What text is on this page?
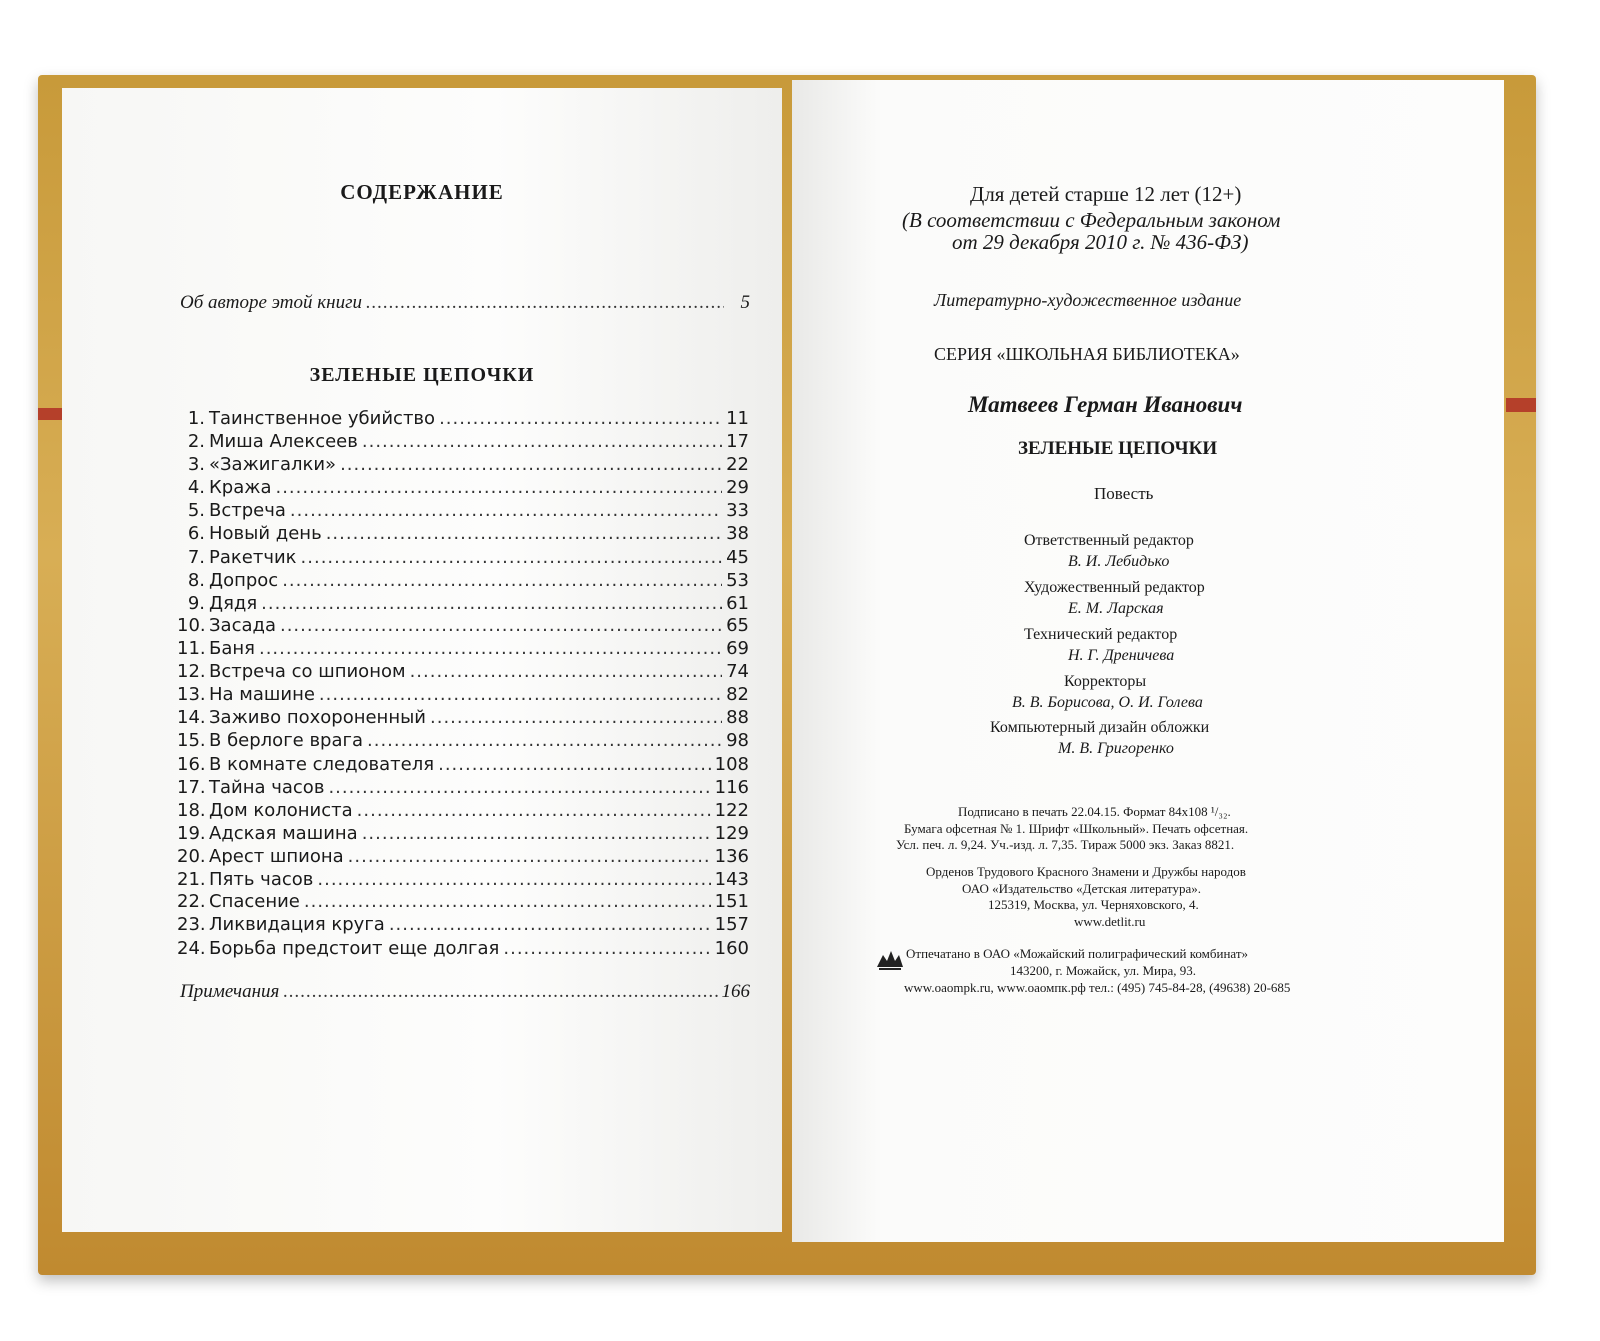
СОДЕРЖАНИЕ
Об авторе этой книги .....	5
ЗЕЛЕНЫЕ ЦЕПОЧКИ
1. Таинственное убийство .....	11
2. Миша Алексеев .....	17
3. «Зажигалки» .....	22
4. Кража .....	29
5. Встреча .....	33
6. Новый день .....	38
7. Ракетчик .....	45
8. Допрос .....	53
9. Дядя .....	61
10. Засада .....	65
11. Баня .....	69
12. Встреча со шпионом .....	74
13. На машине .....	82
14. Заживо похороненный .....	88
15. В берлоге врага .....	98
16. В комнате следователя .....	108
17. Тайна часов .....	116
18. Дом колониста .....	122
19. Адская машина .....	129
20. Арест шпиона .....	136
21. Пять часов .....	143
22. Спасение .....	151
23. Ликвидация круга .....	157
24. Борьба предстоит еще долгая .....	160
Примечания .....	166
Для детей старше 12 лет (12+)
(В соответствии с Федеральным законом
от 29 декабря 2010 г. № 436-ФЗ)
Литературно-художественное издание
СЕРИЯ «ШКОЛЬНАЯ БИБЛИОТЕКА»
Матвеев Герман Иванович
ЗЕЛЕНЫЕ ЦЕПОЧКИ
Повесть
Ответственный редактор
В. И. Лебидько
Художественный редактор
Е. М. Ларская
Технический редактор
Н. Г. Дреничева
Корректоры
В. В. Борисова, О. И. Голева
Компьютерный дизайн обложки
М. В. Григоренко
Подписано в печать 22.04.15. Формат 84х108 ¹/₃₂.
Бумага офсетная № 1. Шрифт «Школьный». Печать офсетная.
Усл. печ. л. 9,24. Уч.-изд. л. 7,35. Тираж 5000 экз. Заказ 8821.
Орденов Трудового Красного Знамени и Дружбы народов
ОАО «Издательство «Детская литература».
125319, Москва, ул. Черняховского, 4.
www.detlit.ru
Отпечатано в ОАО «Можайский полиграфический комбинат»
143200, г. Можайск, ул. Мира, 93.
www.oaompk.ru, www.оаомпк.рф тел.: (495) 745-84-28, (49638) 20-685
